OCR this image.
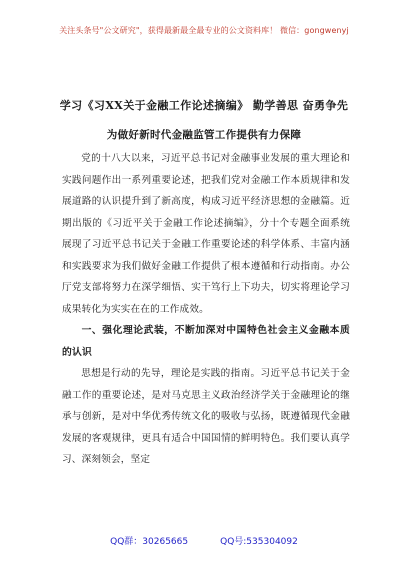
关注头条号"公文研究"，获得最新最全最专业的公文资料库！ 微信：gongwenyj
学习《习XX关于金融工作论述摘编》 勤学善思 奋勇争先
为做好新时代金融监管工作提供有力保障

党的十八大以来，习近平总书记对金融事业发展的重大理论和实践问题作出一系列重要论述，把我们党对金融工作本质规律和发展道路的认识提升到了新高度，构成习近平经济思想的金融篇。近期出版的《习近平关于金融工作论述摘编》，分十个专题全面系统展现了习近平总书记关于金融工作重要论述的科学体系、丰富内涵和实践要求为我们做好金融工作提供了根本遵循和行动指南。办公厅党支部将努力在深学细悟、实干笃行上下功夫，切实将理论学习成果转化为实实在在的工作成效。

一、强化理论武装，不断加深对中国特色社会主义金融本质的认识

思想是行动的先导，理论是实践的指南。习近平总书记关于金融工作的重要论述，是对马克思主义政治经济学关于金融理论的继承与创新，是对中华优秀传统文化的吸收与弘扬，既遵循现代金融发展的客观规律，更具有适合中国国情的鲜明特色。我们要认真学习、深刻领会，坚定

QQ群：30265665	QQ号:535304092
